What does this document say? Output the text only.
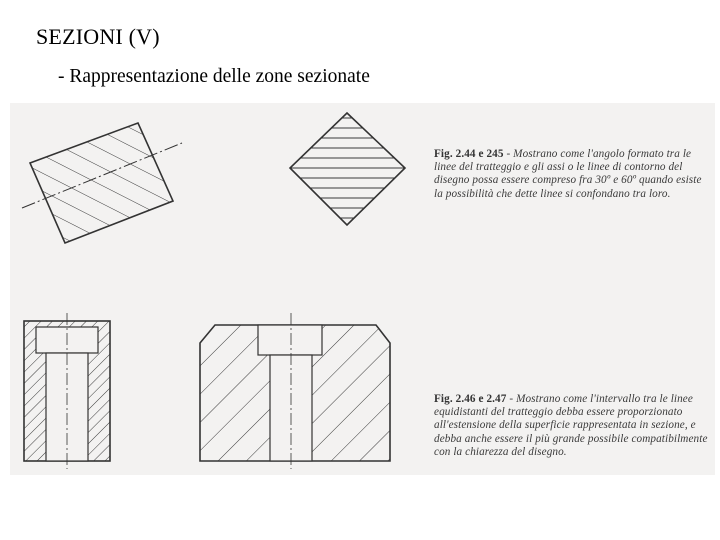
SEZIONI (V)
- Rappresentazione delle zone sezionate
Fig. 2.44 e 245 - Mostrano come l'angolo formato tra le linee del tratteggio e gli assi o le linee di contorno del disegno possa essere compreso fra 30º e 60º quando esiste la possibilità che dette linee si confondano tra loro.
Fig. 2.46 e 2.47 - Mostrano come l'intervallo tra le linee equidistanti del tratteggio debba essere proporzionato all'estensione della superficie rappresentata in sezione, e debba anche essere il più grande possibile compatibilmente con la chiarezza del disegno.
